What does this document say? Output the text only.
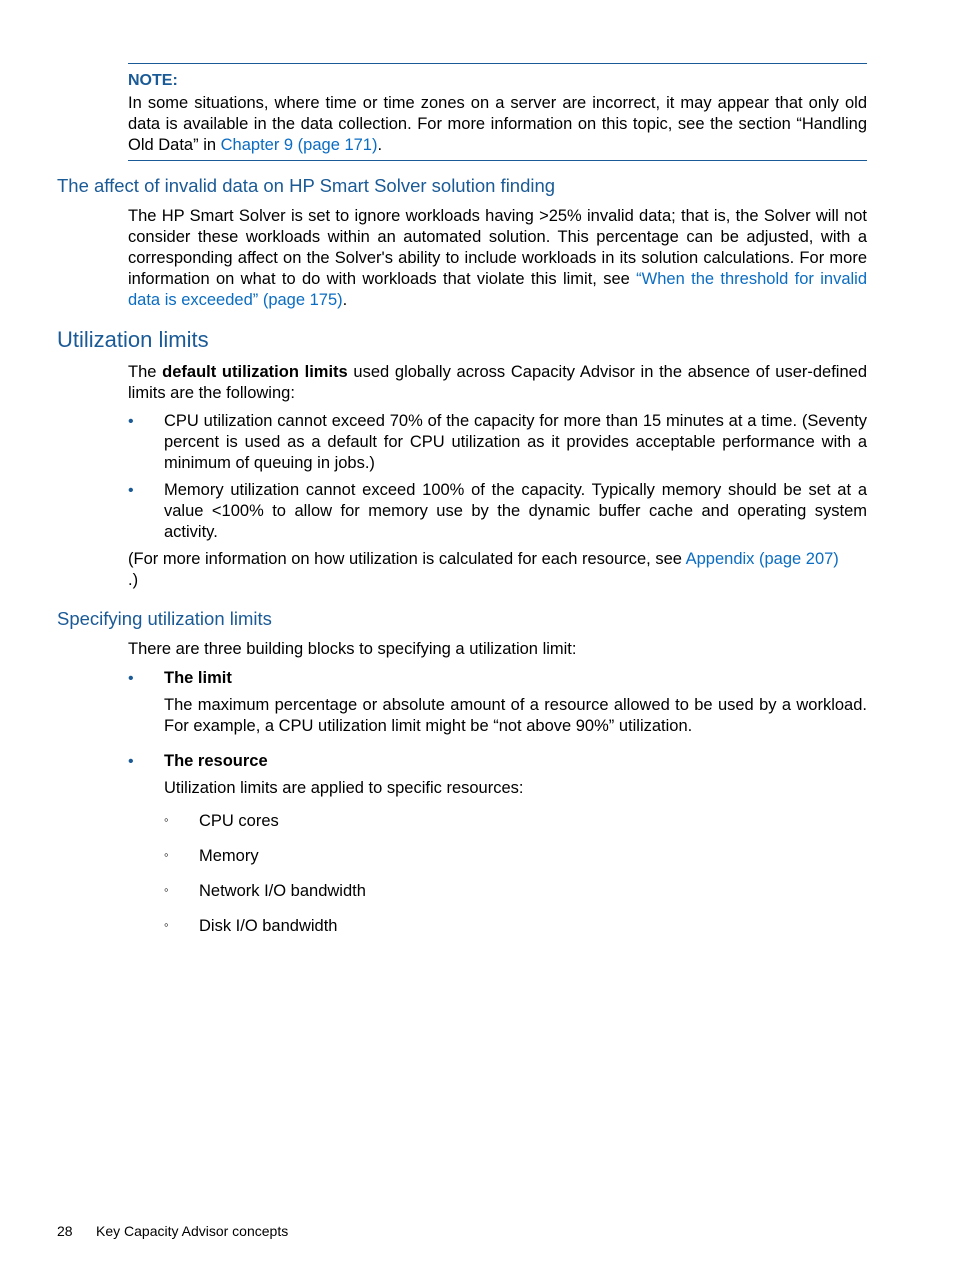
NOTE:

In some situations, where time or time zones on a server are incorrect, it may appear that only old data is available in the data collection. For more information on this topic, see the section “Handling Old Data” in Chapter 9 (page 171).

The affect of invalid data on HP Smart Solver solution finding

The HP Smart Solver is set to ignore workloads having >25% invalid data; that is, the Solver will not consider these workloads within an automated solution. This percentage can be adjusted, with a corresponding affect on the Solver's ability to include workloads in its solution calculations. For more information on what to do with workloads that violate this limit, see “When the threshold for invalid data is exceeded” (page 175).

Utilization limits

The default utilization limits used globally across Capacity Advisor in the absence of user-defined limits are the following:

• CPU utilization cannot exceed 70% of the capacity for more than 15 minutes at a time. (Seventy percent is used as a default for CPU utilization as it provides acceptable performance with a minimum of queuing in jobs.)

• Memory utilization cannot exceed 100% of the capacity. Typically memory should be set at a value <100% to allow for memory use by the dynamic buffer cache and operating system activity.

(For more information on how utilization is calculated for each resource, see Appendix (page 207)
.)

Specifying utilization limits

There are three building blocks to specifying a utilization limit:

• The limit

The maximum percentage or absolute amount of a resource allowed to be used by a workload. For example, a CPU utilization limit might be “not above 90%” utilization.

• The resource

Utilization limits are applied to specific resources:

◦ CPU cores
◦ Memory
◦ Network I/O bandwidth
◦ Disk I/O bandwidth
28 Key Capacity Advisor concepts
